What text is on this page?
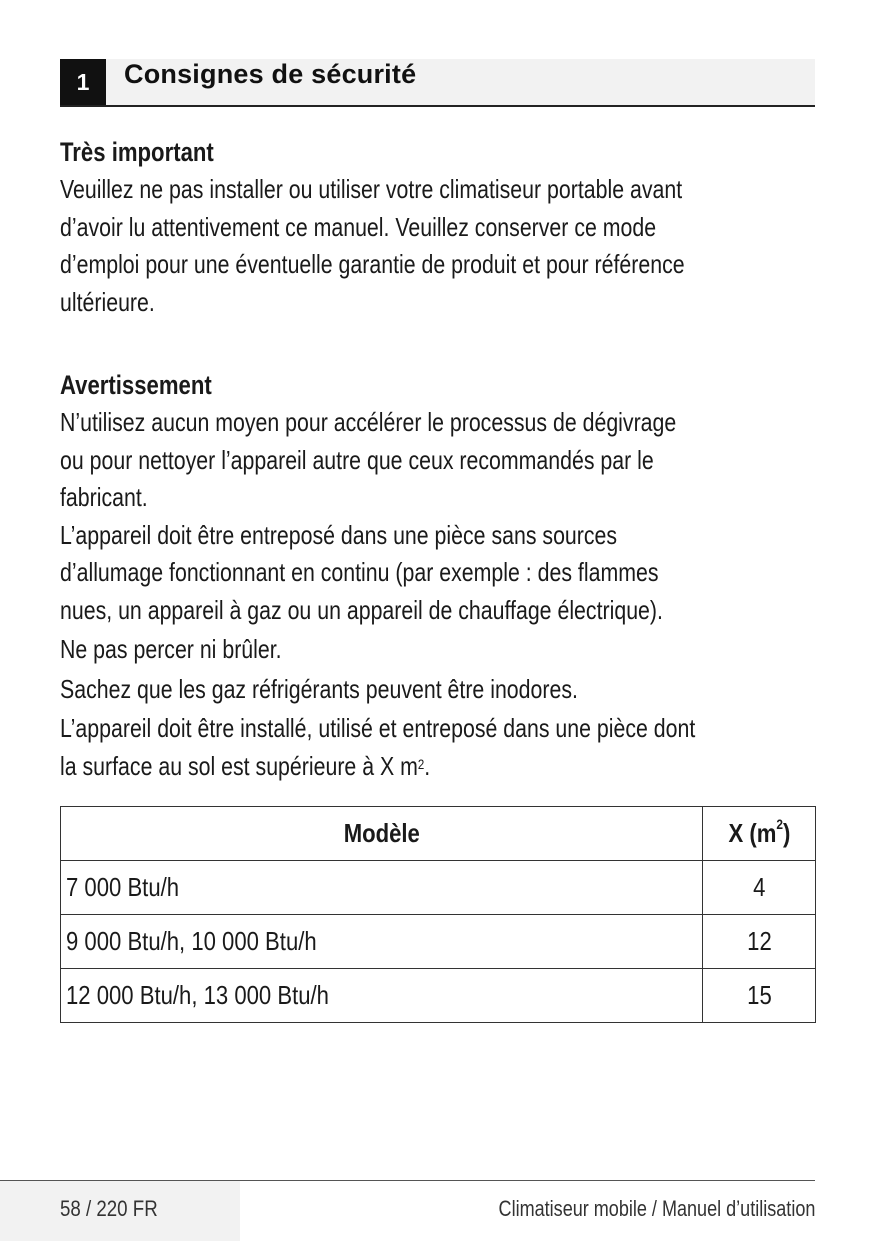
1	Consignes de sécurité
Très important

Veuillez ne pas installer ou utiliser votre climatiseur portable avant
d’avoir lu attentivement ce manuel. Veuillez conserver ce mode
d’emploi pour une éventuelle garantie de produit et pour référence
ultérieure.

Avertissement

N’utilisez aucun moyen pour accélérer le processus de dégivrage
ou pour nettoyer l’appareil autre que ceux recommandés par le
fabricant.

L’appareil doit être entreposé dans une pièce sans sources
d’allumage fonctionnant en continu (par exemple : des flammes
nues, un appareil à gaz ou un appareil de chauffage électrique).

Ne pas percer ni brûler.

Sachez que les gaz réfrigérants peuvent être inodores.

L’appareil doit être installé, utilisé et entreposé dans une pièce dont
la surface au sol est supérieure à X $m^2$.

Modèle	X $(m^2)$
7 000 Btu/h	4
9 000 Btu/h, 10 000 Btu/h	12
12 000 Btu/h, 13 000 Btu/h	15
58 / 220 FR	Climatiseur mobile / Manuel d’utilisation
